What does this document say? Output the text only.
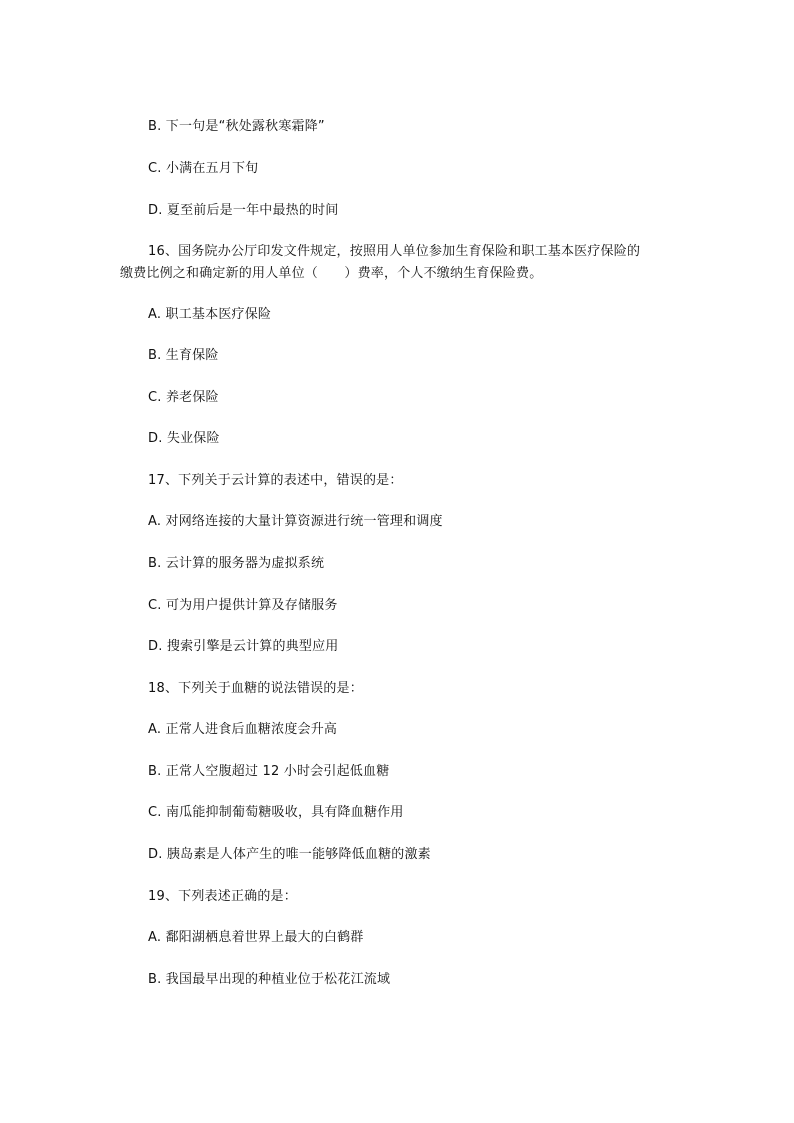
B. 下一句是“秋处露秋寒霜降”
C. 小满在五月下旬
D. 夏至前后是一年中最热的时间
16、国务院办公厅印发文件规定，按照用人单位参加生育保险和职工基本医疗保险的
缴费比例之和确定新的用人单位（　　）费率，个人不缴纳生育保险费。
A. 职工基本医疗保险
B. 生育保险
C. 养老保险
D. 失业保险
17、下列关于云计算的表述中，错误的是：
A. 对网络连接的大量计算资源进行统一管理和调度
B. 云计算的服务器为虚拟系统
C. 可为用户提供计算及存储服务
D. 搜索引擎是云计算的典型应用
18、下列关于血糖的说法错误的是：
A. 正常人进食后血糖浓度会升高
B. 正常人空腹超过 12 小时会引起低血糖
C. 南瓜能抑制葡萄糖吸收，具有降血糖作用
D. 胰岛素是人体产生的唯一能够降低血糖的激素
19、下列表述正确的是：
A. 鄱阳湖栖息着世界上最大的白鹤群
B. 我国最早出现的种植业位于松花江流域
